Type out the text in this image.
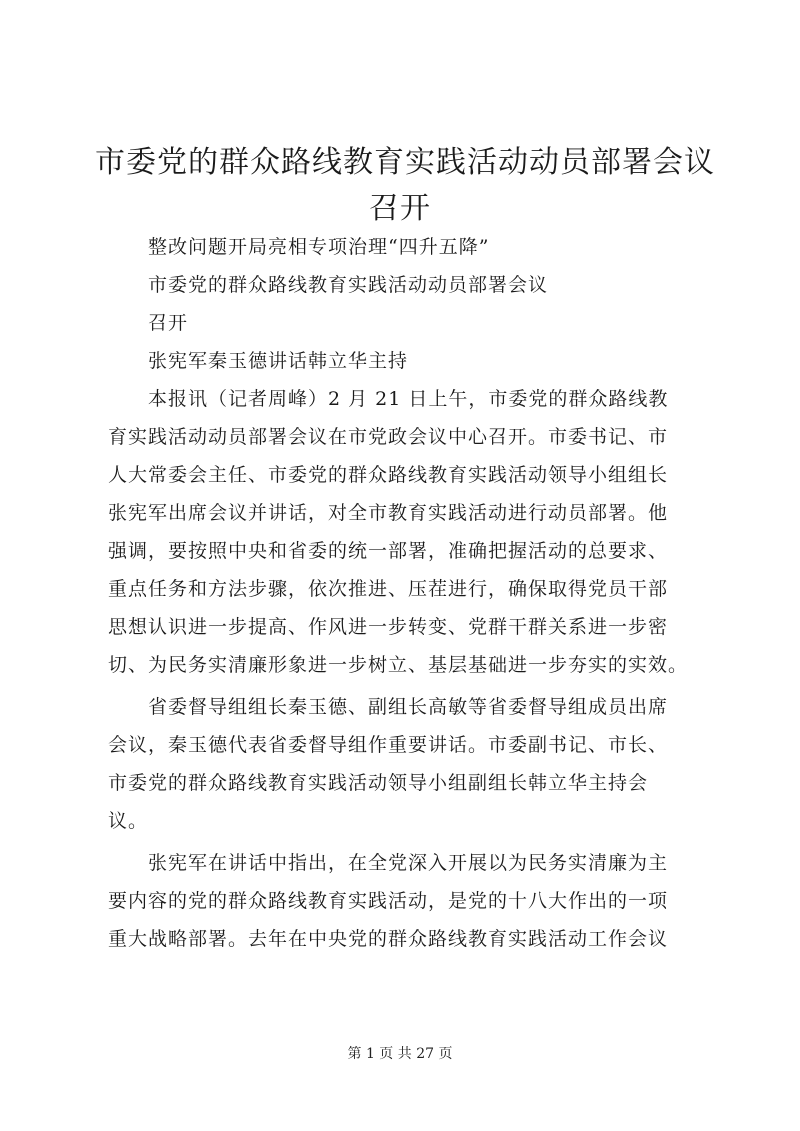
市委党的群众路线教育实践活动动员部署会议
召开
整改问题开局亮相专项治理“四升五降”
市委党的群众路线教育实践活动动员部署会议
召开
张宪军秦玉德讲话韩立华主持
本报讯（记者周峰）2 月 21 日上午，市委党的群众路线教
育实践活动动员部署会议在市党政会议中心召开。市委书记、市
人大常委会主任、市委党的群众路线教育实践活动领导小组组长
张宪军出席会议并讲话，对全市教育实践活动进行动员部署。他
强调，要按照中央和省委的统一部署，准确把握活动的总要求、
重点任务和方法步骤，依次推进、压茬进行，确保取得党员干部
思想认识进一步提高、作风进一步转变、党群干群关系进一步密
切、为民务实清廉形象进一步树立、基层基础进一步夯实的实效。
省委督导组组长秦玉德、副组长高敏等省委督导组成员出席
会议，秦玉德代表省委督导组作重要讲话。市委副书记、市长、
市委党的群众路线教育实践活动领导小组副组长韩立华主持会
议。
张宪军在讲话中指出，在全党深入开展以为民务实清廉为主
要内容的党的群众路线教育实践活动，是党的十八大作出的一项
重大战略部署。去年在中央党的群众路线教育实践活动工作会议
第 1 页 共 27 页
